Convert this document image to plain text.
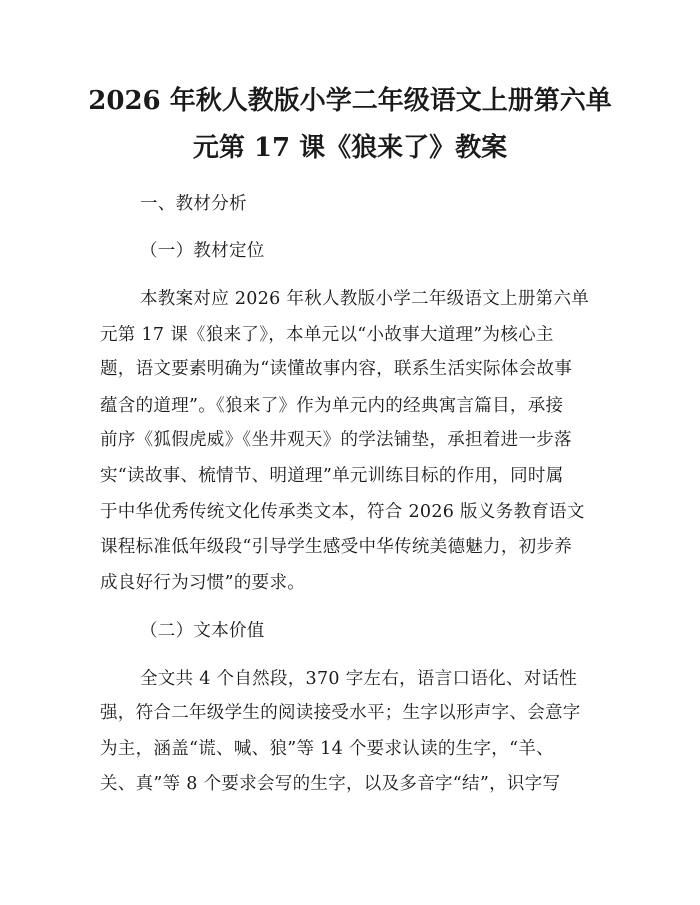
2026 年秋人教版小学二年级语文上册第六单
元第 17 课《狼来了》教案

一、教材分析

（一）教材定位

本教案对应 2026 年秋人教版小学二年级语文上册第六单

元第 17 课《狼来了》，本单元以“小故事大道理”为核心主

题，语文要素明确为“读懂故事内容，联系生活实际体会故事

蕴含的道理”。《狼来了》作为单元内的经典寓言篇目，承接

前序《狐假虎威》《坐井观天》的学法铺垫，承担着进一步落

实“读故事、梳情节、明道理”单元训练目标的作用，同时属

于中华优秀传统文化传承类文本，符合 2026 版义务教育语文

课程标准低年级段“引导学生感受中华传统美德魅力，初步养

成良好行为习惯”的要求。

（二）文本价值

全文共 4 个自然段，370 字左右，语言口语化、对话性

强，符合二年级学生的阅读接受水平；生字以形声字、会意字

为主，涵盖“谎、喊、狼”等 14 个要求认读的生字，“羊、

关、真”等 8 个要求会写的生字，以及多音字“结”，识字写
